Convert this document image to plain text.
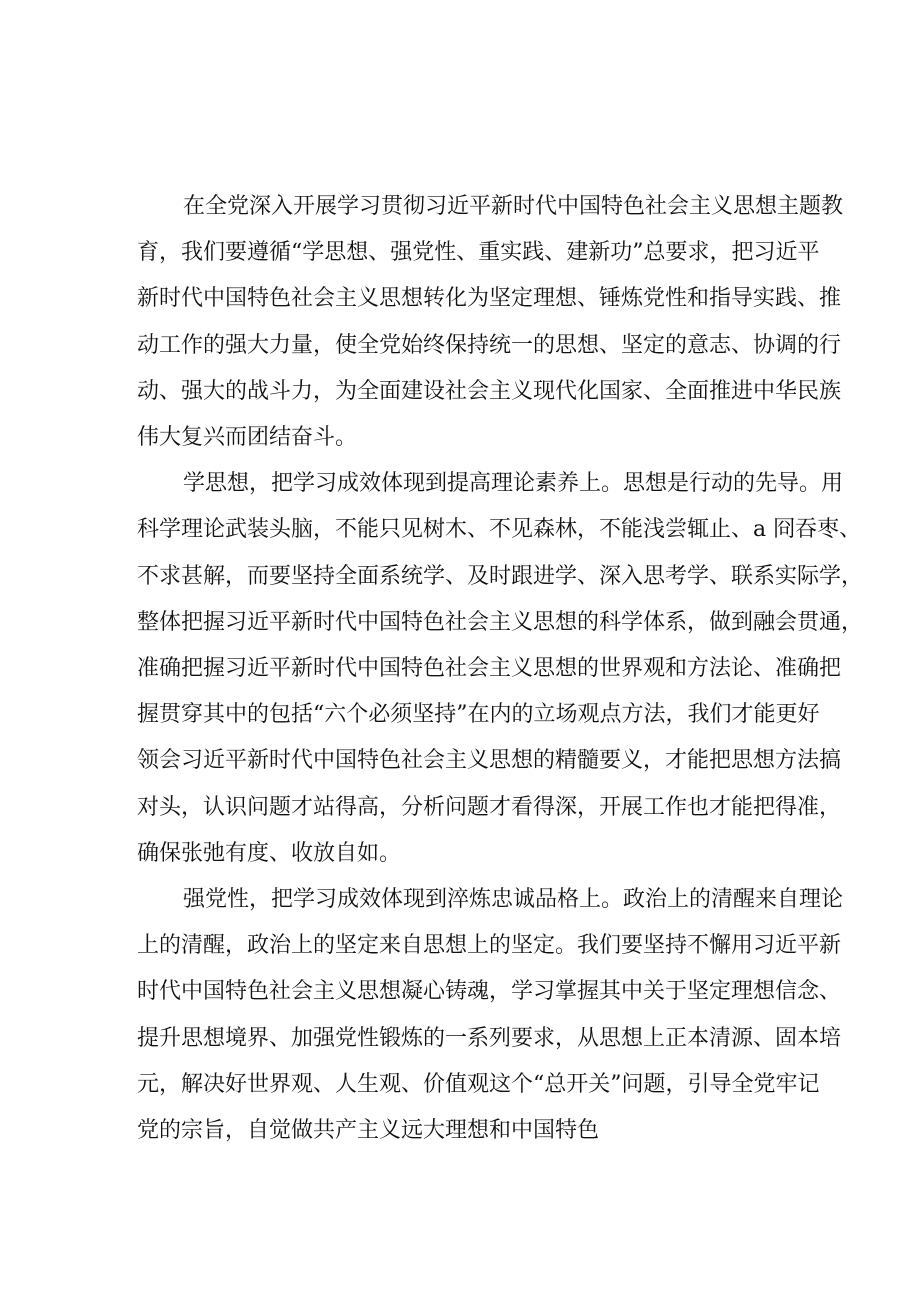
在全党深入开展学习贯彻习近平新时代中国特色社会主义思想主题教
育，我们要遵循“学思想、强党性、重实践、建新功”总要求，把习近平
新时代中国特色社会主义思想转化为坚定理想、锤炼党性和指导实践、推
动工作的强大力量，使全党始终保持统一的思想、坚定的意志、协调的行
动、强大的战斗力，为全面建设社会主义现代化国家、全面推进中华民族
伟大复兴而团结奋斗。
学思想，把学习成效体现到提高理论素养上。思想是行动的先导。用
科学理论武装头脑，不能只见树木、不见森林，不能浅尝辄止、a 冏吞枣、
不求甚解，而要坚持全面系统学、及时跟进学、深入思考学、联系实际学，
整体把握习近平新时代中国特色社会主义思想的科学体系，做到融会贯通，
准确把握习近平新时代中国特色社会主义思想的世界观和方法论、准确把
握贯穿其中的包括“六个必须坚持”在内的立场观点方法，我们才能更好
领会习近平新时代中国特色社会主义思想的精髓要义，才能把思想方法搞
对头，认识问题才站得高，分析问题才看得深，开展工作也才能把得准，
确保张弛有度、收放自如。
强党性，把学习成效体现到淬炼忠诚品格上。政治上的清醒来自理论
上的清醒，政治上的坚定来自思想上的坚定。我们要坚持不懈用习近平新
时代中国特色社会主义思想凝心铸魂，学习掌握其中关于坚定理想信念、
提升思想境界、加强党性锻炼的一系列要求，从思想上正本清源、固本培
元，解决好世界观、人生观、价值观这个“总开关”问题，引导全党牢记
党的宗旨，自觉做共产主义远大理想和中国特色
